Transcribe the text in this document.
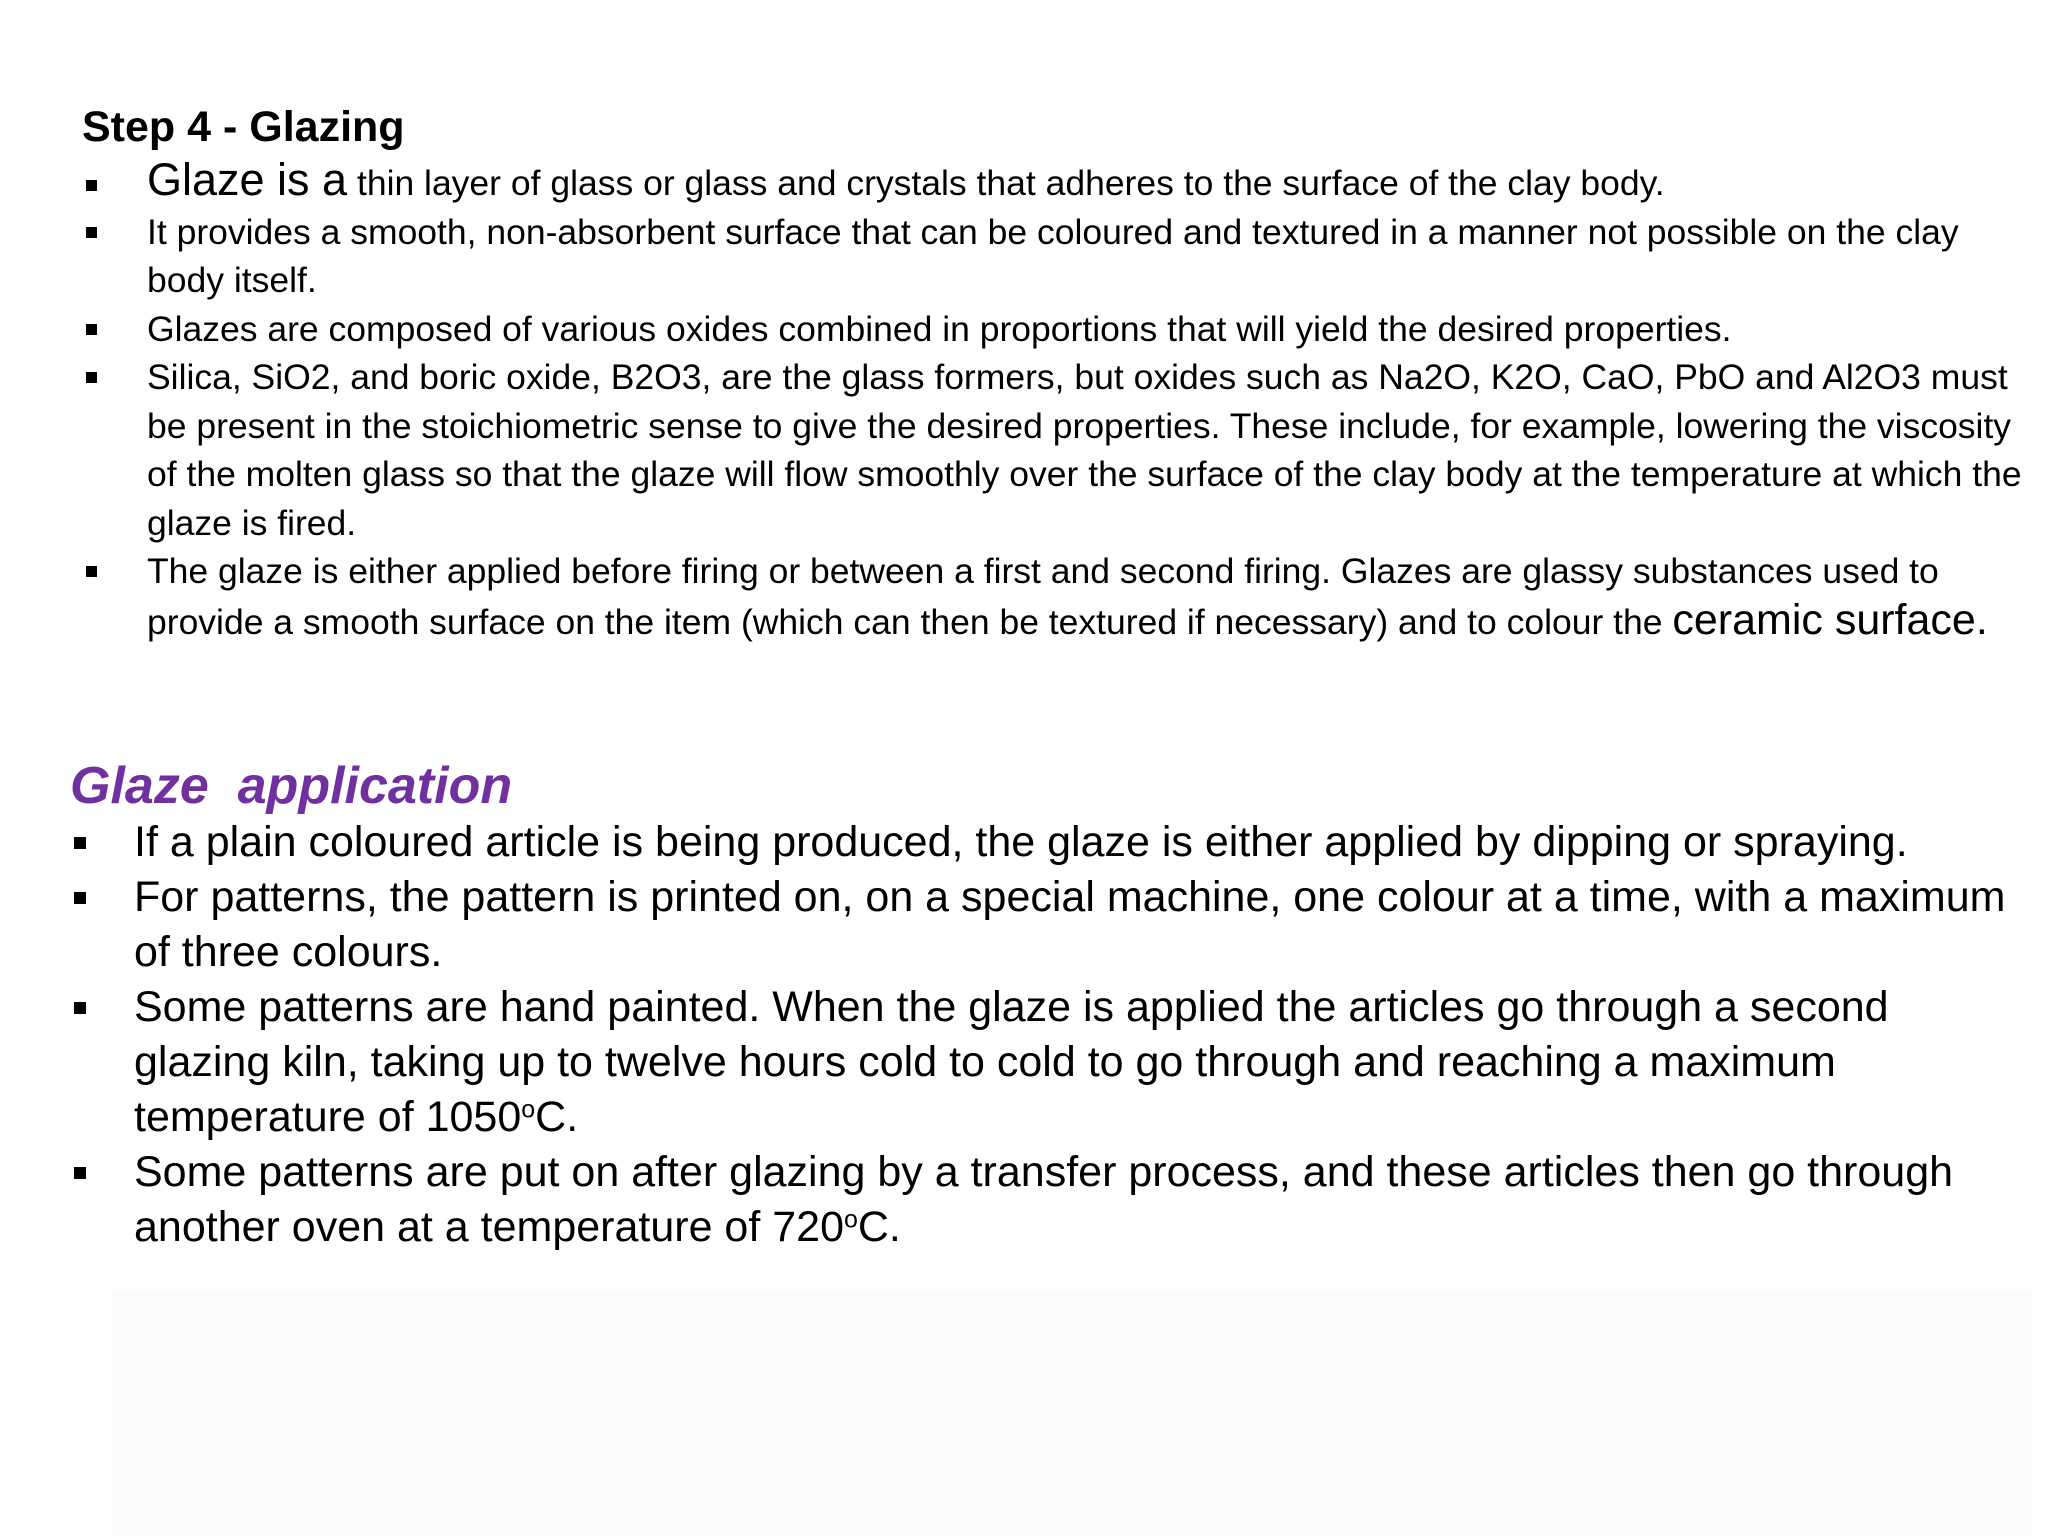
Step 4 - Glazing
Glaze is a thin layer of glass or glass and crystals that adheres to the surface of the clay body.
It provides a smooth, non-absorbent surface that can be coloured and textured in a manner not possible on the clay body itself.
Glazes are composed of various oxides combined in proportions that will yield the desired properties.
Silica, SiO2, and boric oxide, B2O3, are the glass formers, but oxides such as Na2O, K2O, CaO, PbO and Al2O3 must be present in the stoichiometric sense to give the desired properties. These include, for example, lowering the viscosity of the molten glass so that the glaze will flow smoothly over the surface of the clay body at the temperature at which the glaze is fired.
The glaze is either applied before firing or between a first and second firing. Glazes are glassy substances used to provide a smooth surface on the item (which can then be textured if necessary) and to colour the ceramic surface.
Glaze  application
If a plain coloured article is being produced, the glaze is either applied by dipping or spraying.
For patterns, the pattern is printed on, on a special machine, one colour at a time, with a maximum of three colours.
Some patterns are hand painted. When the glaze is applied the articles go through a second glazing kiln, taking up to twelve hours cold to cold to go through and reaching a maximum temperature of 1050$^o$C.
Some patterns are put on after glazing by a transfer process, and these articles then go through another oven at a temperature of 720$^o$C.
